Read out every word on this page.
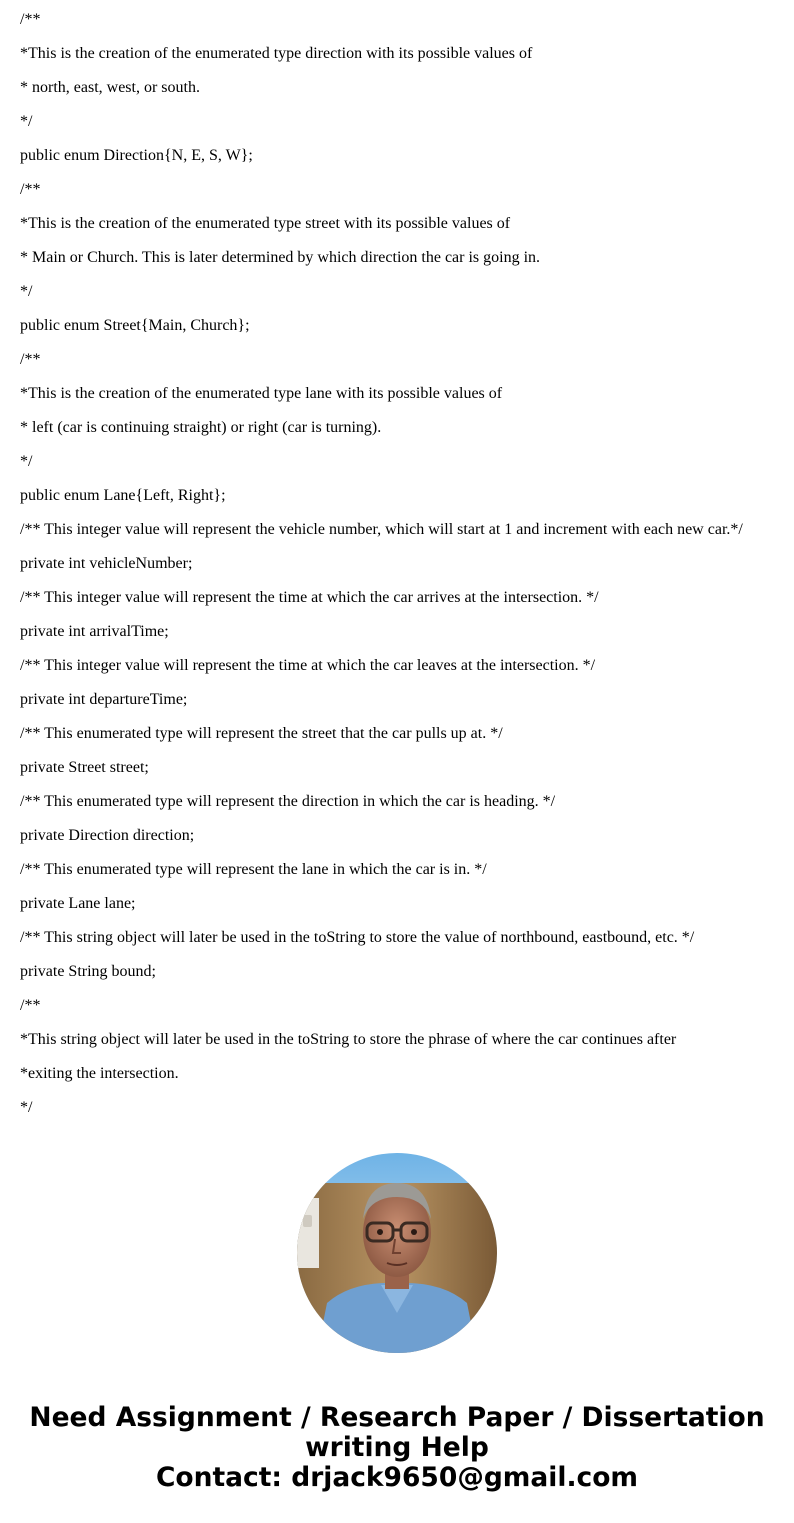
/**
*This is the creation of the enumerated type direction with its possible values of
* north, east, west, or south.
*/
public enum Direction{N, E, S, W};
/**
*This is the creation of the enumerated type street with its possible values of
* Main or Church. This is later determined by which direction the car is going in.
*/
public enum Street{Main, Church};
/**
*This is the creation of the enumerated type lane with its possible values of
* left (car is continuing straight) or right (car is turning).
*/
public enum Lane{Left, Right};
/** This integer value will represent the vehicle number, which will start at 1 and increment with each new car.*/
private int vehicleNumber;
/** This integer value will represent the time at which the car arrives at the intersection. */
private int arrivalTime;
/** This integer value will represent the time at which the car leaves at the intersection. */
private int departureTime;
/** This enumerated type will represent the street that the car pulls up at. */
private Street street;
/** This enumerated type will represent the direction in which the car is heading. */
private Direction direction;
/** This enumerated type will represent the lane in which the car is in. */
private Lane lane;
/** This string object will later be used in the toString to store the value of northbound, eastbound, etc. */
private String bound;
/**
*This string object will later be used in the toString to store the phrase of where the car continues after
*exiting the intersection.
*/
Need Assignment / Research Paper / Dissertation
writing Help
Contact: drjack9650@gmail.com
